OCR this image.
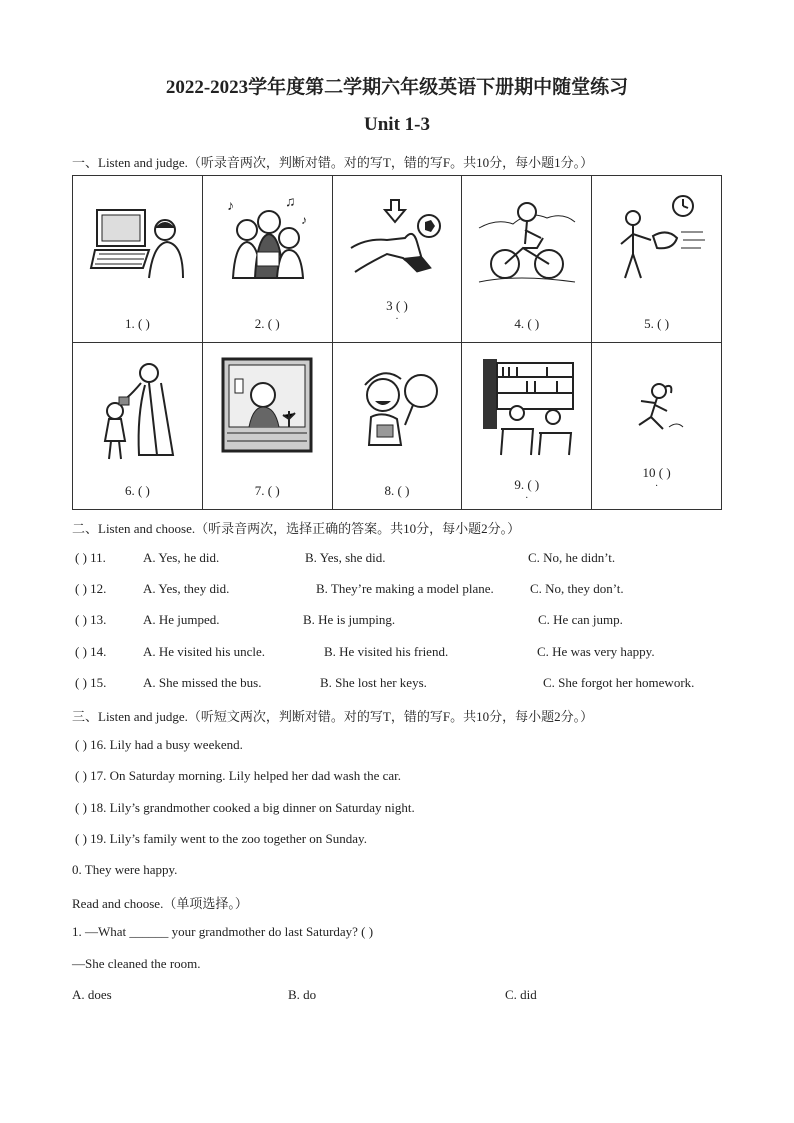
2022-2023学年度第二学期六年级英语下册期中随堂练习
Unit 1-3
一、Listen and judge.（听录音两次，判断对错。对的写T，错的写F。共10分，每小题1分。）
1. ( )	♪ ♫
♪
2. ( )	3 ( )
.	4. ( )	5. ( )

6. ( )	7. ( )	8. ( )	9. ( )
.	10 ( )
.
二、Listen and choose.（听录音两次，选择正确的答案。共10分，每小题2分。）
( ) 11.	A. Yes, he did.	B. Yes, she did.	C. No, he didn’t.
( ) 12.	A. Yes, they did.	B. They’re making a model plane.	C. No, they don’t.
( ) 13.	A. He jumped.	B. He is jumping.	C. He can jump.
( ) 14.	A. He visited his uncle.	B. He visited his friend.	C. He was very happy.
( ) 15.	A. She missed the bus.	B. She lost her keys.	C. She forgot her homework.
三、Listen and judge.（听短文两次，判断对错。对的写T，错的写F。共10分，每小题2分。）
( ) 16. Lily had a busy weekend.
( ) 17. On Saturday morning. Lily helped her dad wash the car.
( ) 18. Lily’s grandmother cooked a big dinner on Saturday night.
( ) 19. Lily’s family went to the zoo together on Sunday.
0. They were happy.
Read and choose.（单项选择。）
1. —What ______ your grandmother do last Saturday? ( )
—She cleaned the room.
A. does	B. do	C. did
